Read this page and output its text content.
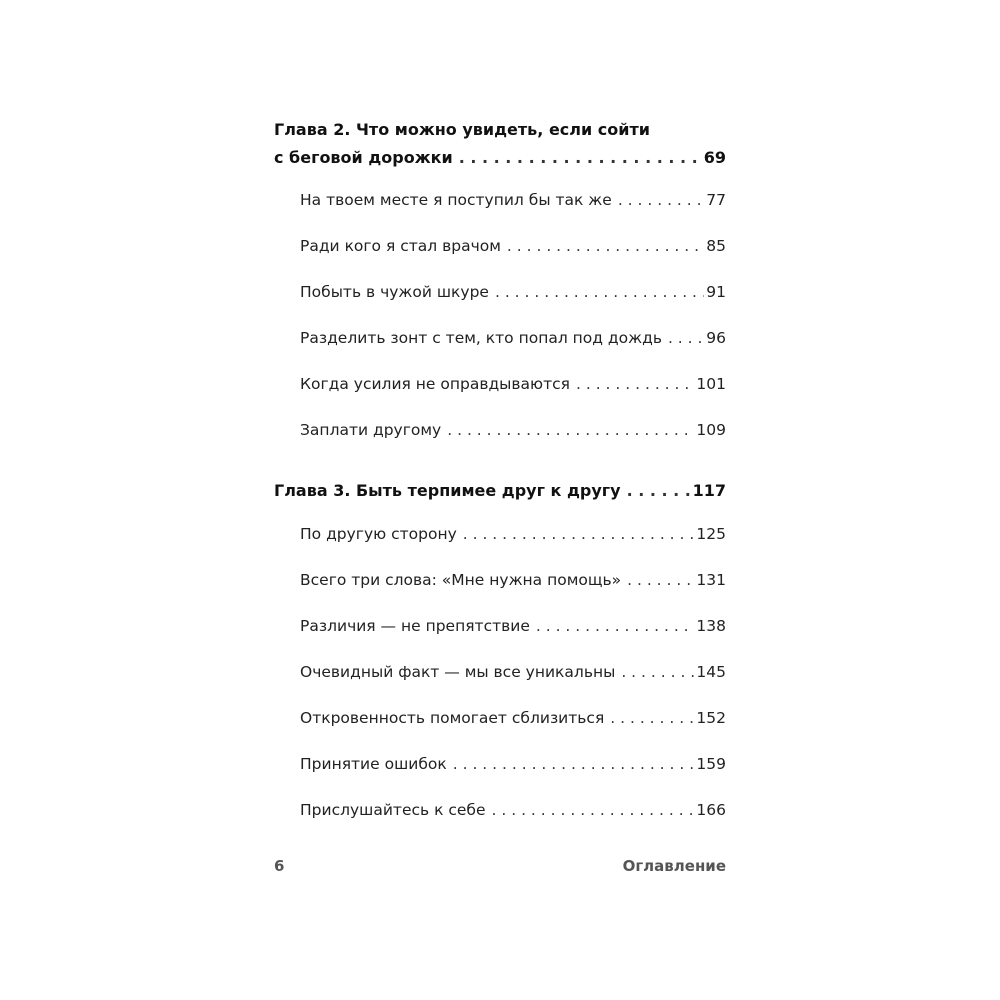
Глава 2. Что можно увидеть, если сойти
с беговой дорожки . . .	69
На твоем месте я поступил бы так же . . .	77
Ради кого я стал врачом . . .	85
Побыть в чужой шкуре . . .	91
Разделить зонт с тем, кто попал под дождь . . .	96
Когда усилия не оправдываются . . .	101
Заплати другому . . .	109
Глава 3. Быть терпимее друг к другу . . .	117
По другую сторону . . .	125
Всего три слова: «Мне нужна помощь» . . .	131
Различия — не препятствие . . .	138
Очевидный факт — мы все уникальны . . .	145
Откровенность помогает сблизиться . . .	152
Принятие ошибок . . .	159
Прислушайтесь к себе . . .	166
6	Оглавление
